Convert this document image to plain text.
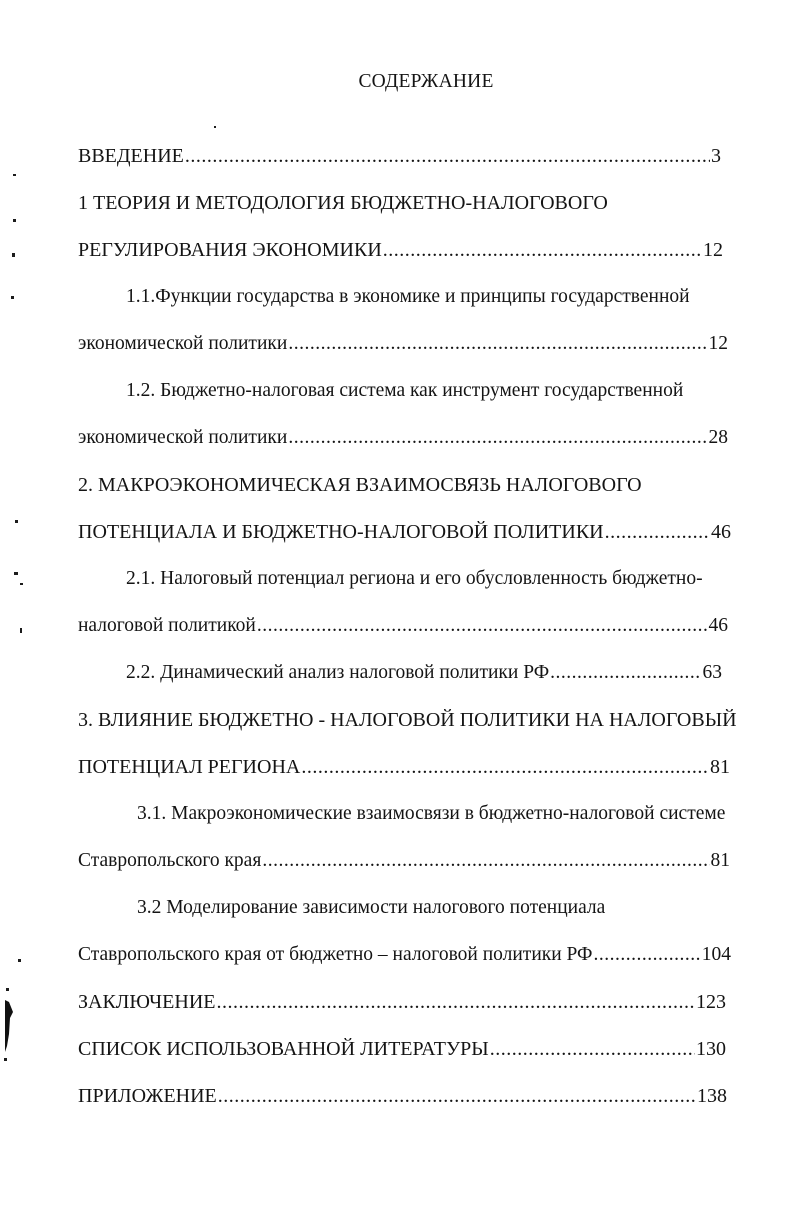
СОДЕРЖАНИЕ
ВВЕДЕНИЕ .....	3
1 ТЕОРИЯ И МЕТОДОЛОГИЯ БЮДЖЕТНО-НАЛОГОВОГО
РЕГУЛИРОВАНИЯ ЭКОНОМИКИ .....	12
1.1.Функции государства в экономике и принципы государственной
экономической политики .....	12
1.2. Бюджетно-налоговая система как инструмент государственной
экономической политики .....	28
2. МАКРОЭКОНОМИЧЕСКАЯ ВЗАИМОСВЯЗЬ НАЛОГОВОГО
ПОТЕНЦИАЛА И БЮДЖЕТНО-НАЛОГОВОЙ ПОЛИТИКИ .....	46
2.1. Налоговый потенциал региона и его обусловленность бюджетно-
налоговой политикой .....	46
2.2. Динамический анализ налоговой политики РФ .....	63
3. ВЛИЯНИЕ БЮДЖЕТНО - НАЛОГОВОЙ ПОЛИТИКИ НА НАЛОГОВЫЙ
ПОТЕНЦИАЛ РЕГИОНА .....	81
3.1. Макроэкономические взаимосвязи в бюджетно-налоговой системе
Ставропольского края .....	81
3.2 Моделирование зависимости налогового потенциала
Ставропольского края от бюджетно – налоговой политики РФ .....	104
ЗАКЛЮЧЕНИЕ .....	123
СПИСОК ИСПОЛЬЗОВАННОЙ ЛИТЕРАТУРЫ .....	130
ПРИЛОЖЕНИЕ .....	138
